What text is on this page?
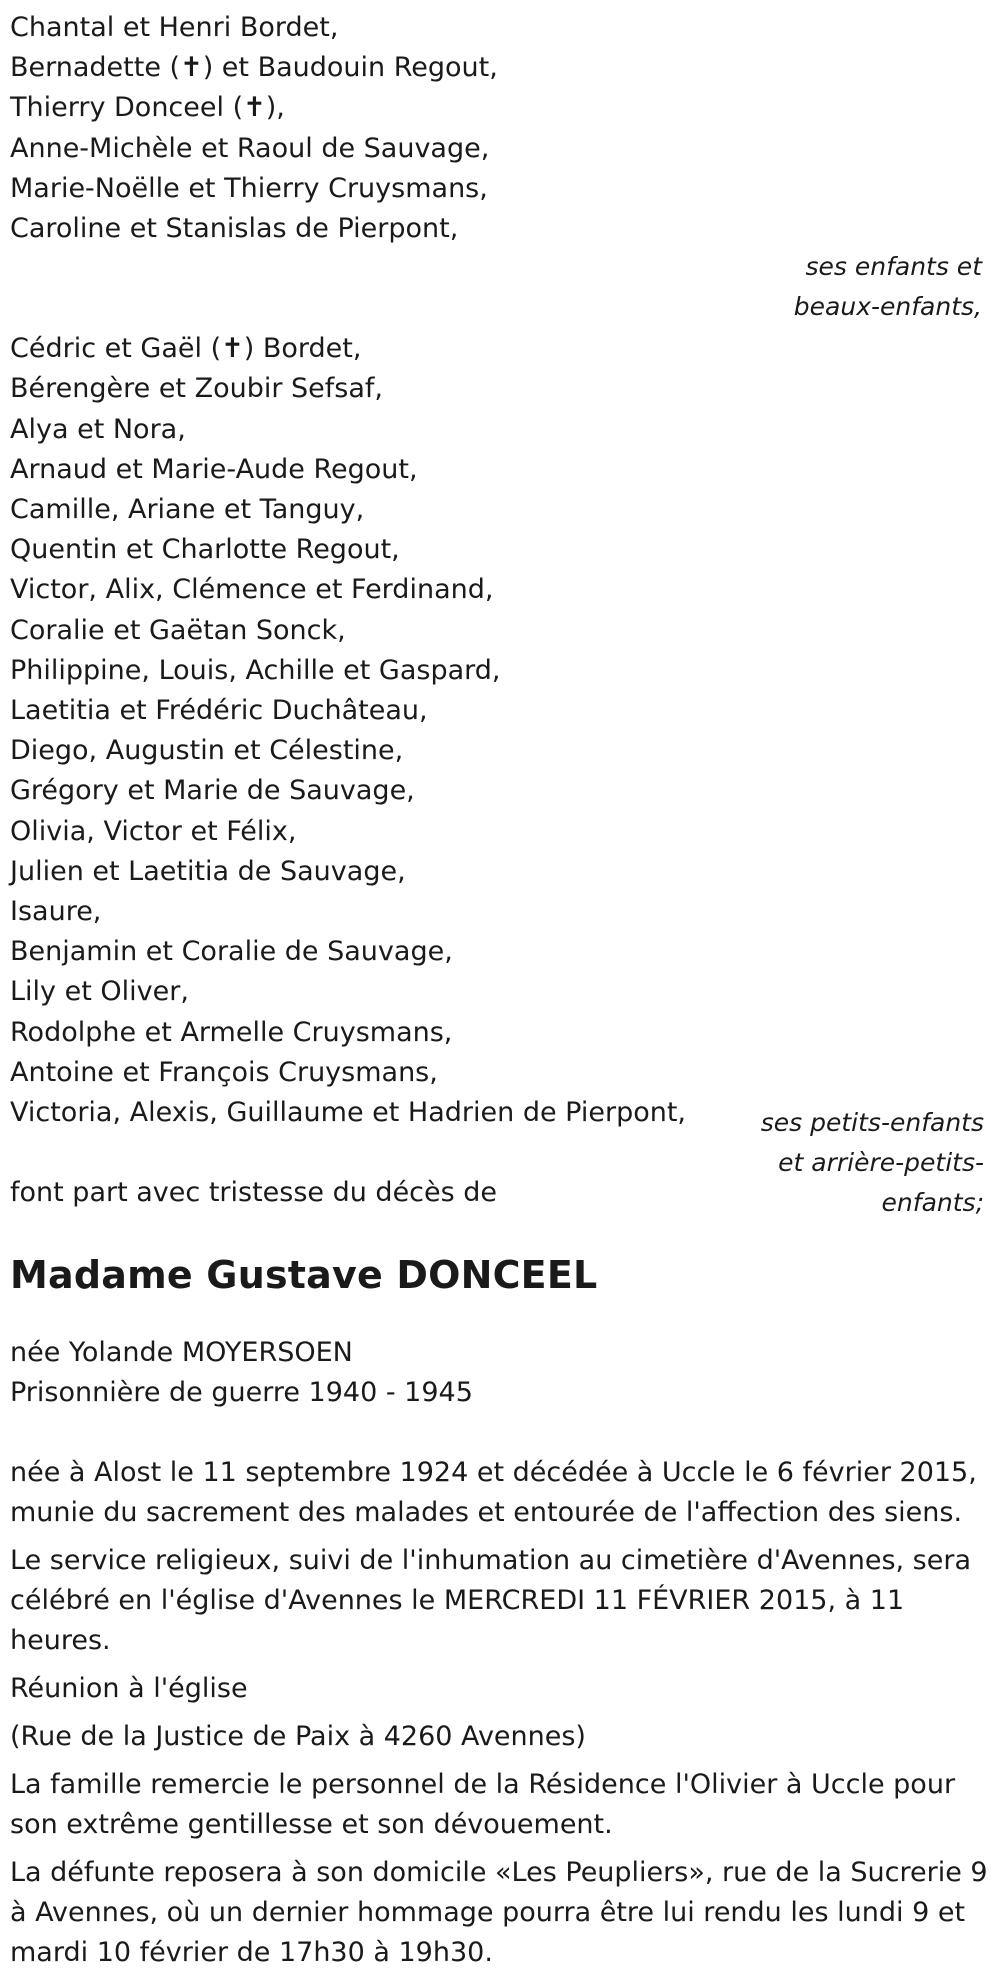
Chantal et Henri Bordet,
Bernadette (✝) et Baudouin Regout,
Thierry Donceel (✝),
Anne-Michèle et Raoul de Sauvage,
Marie-Noëlle et Thierry Cruysmans,
Caroline et Stanislas de Pierpont,
ses enfants et
beaux-enfants,
Cédric et Gaël (✝) Bordet,
Bérengère et Zoubir Sefsaf,
Alya et Nora,
Arnaud et Marie-Aude Regout,
Camille, Ariane et Tanguy,
Quentin et Charlotte Regout,
Victor, Alix, Clémence et Ferdinand,
Coralie et Gaëtan Sonck,
Philippine, Louis, Achille et Gaspard,
Laetitia et Frédéric Duchâteau,
Diego, Augustin et Célestine,
Grégory et Marie de Sauvage,
Olivia, Victor et Félix,
Julien et Laetitia de Sauvage,
Isaure,
Benjamin et Coralie de Sauvage,
Lily et Oliver,
Rodolphe et Armelle Cruysmans,
Antoine et François Cruysmans,
Victoria, Alexis, Guillaume et Hadrien de Pierpont,
font part avec tristesse du décès de
ses petits-enfants
et arrière-petits-
enfants;
Madame Gustave DONCEEL
née Yolande MOYERSOEN
Prisonnière de guerre 1940 - 1945
née à Alost le 11 septembre 1924 et décédée à Uccle le 6 février 2015, munie du sacrement des malades et entourée de l'affection des siens.
Le service religieux, suivi de l'inhumation au cimetière d'Avennes, sera célébré en l'église d'Avennes le MERCREDI 11 FÉVRIER 2015, à 11 heures.
Réunion à l'église
(Rue de la Justice de Paix à 4260 Avennes)
La famille remercie le personnel de la Résidence l'Olivier à Uccle pour son extrême gentillesse et son dévouement.
La défunte reposera à son domicile «Les Peupliers», rue de la Sucrerie 9 à Avennes, où un dernier hommage pourra être lui rendu les lundi 9 et mardi 10 février de 17h30 à 19h30.
